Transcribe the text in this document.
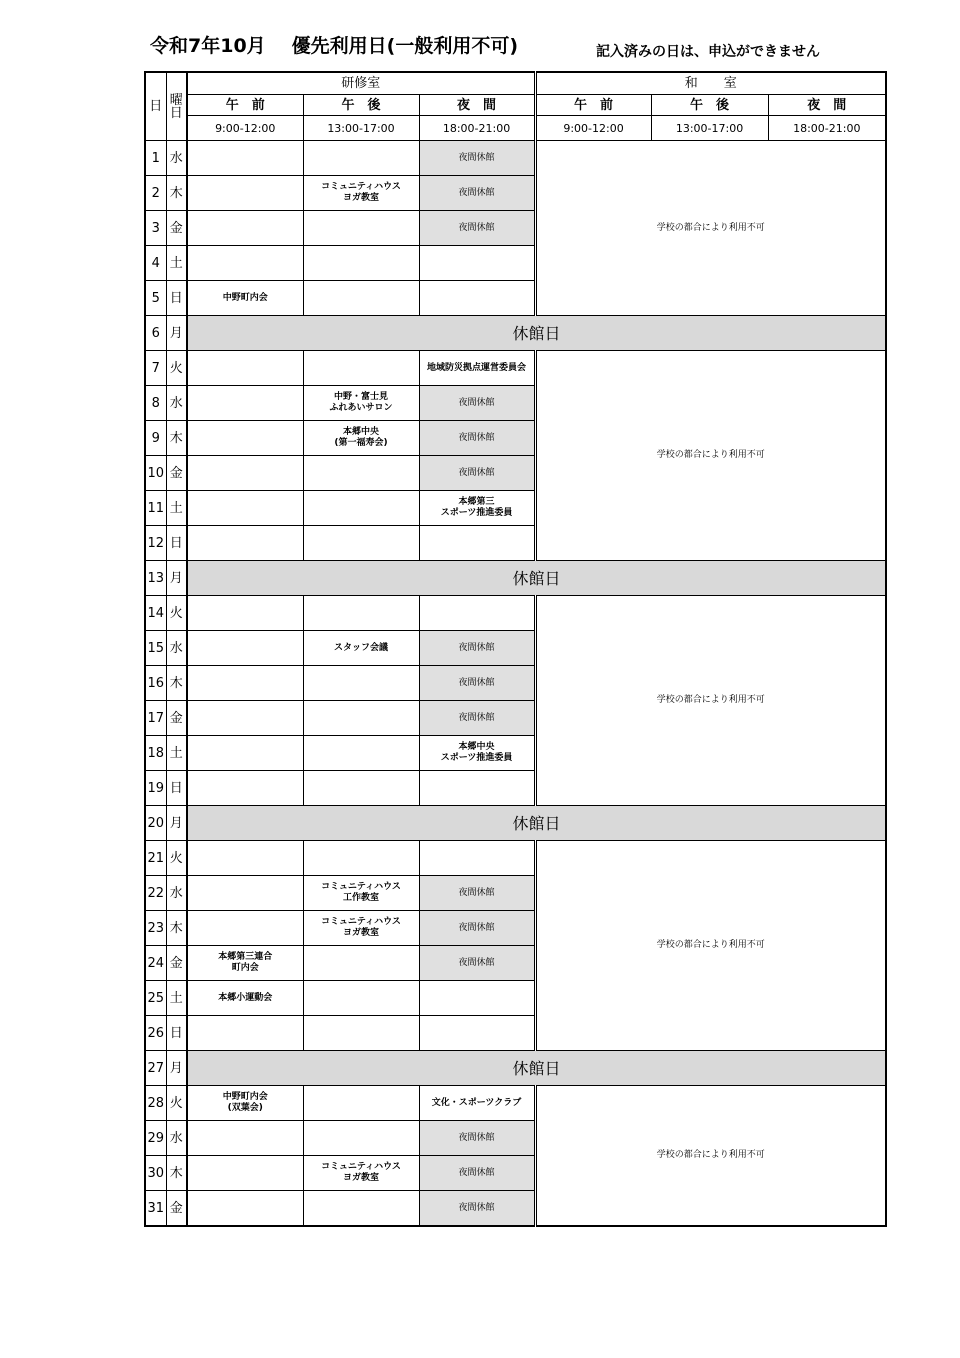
令和7年10月 優先利用日(一般利用不可)	記入済みの日は、申込ができません
日	曜日	研修室			和　　室		
		午　前	午　後	夜　間	午　前	午　後	夜　間
		9:00-12:00	13:00-17:00	18:00-21:00	9:00-12:00	13:00-17:00	18:00-21:00
1	水			夜間休館	学校の都合により利用不可		
2	木		コミュニティハウス
ヨガ教室	夜間休館			
3	金			夜間休館			
4	土						
5	日	中野町内会					
6	月	休館日					
7	火			地域防災拠点運営委員会	学校の都合により利用不可		
8	水		中野・富士見
ふれあいサロン	夜間休館			
9	木		本郷中央
(第一福寿会)	夜間休館			
10	金			夜間休館			
11	土			本郷第三
スポーツ推進委員			
12	日						
13	月	休館日					
14	火				学校の都合により利用不可		
15	水		スタッフ会議	夜間休館			
16	木			夜間休館			
17	金			夜間休館			
18	土			本郷中央
スポーツ推進委員			
19	日						
20	月	休館日					
21	火				学校の都合により利用不可		
22	水		コミュニティハウス
工作教室	夜間休館			
23	木		コミュニティハウス
ヨガ教室	夜間休館			
24	金	本郷第三連合
町内会		夜間休館			
25	土	本郷小運動会					
26	日						
27	月	休館日					
28	火	中野町内会
(双葉会)		文化・スポーツクラブ	学校の都合により利用不可		
29	水			夜間休館			
30	木		コミュニティハウス
ヨガ教室	夜間休館			
31	金			夜間休館			
